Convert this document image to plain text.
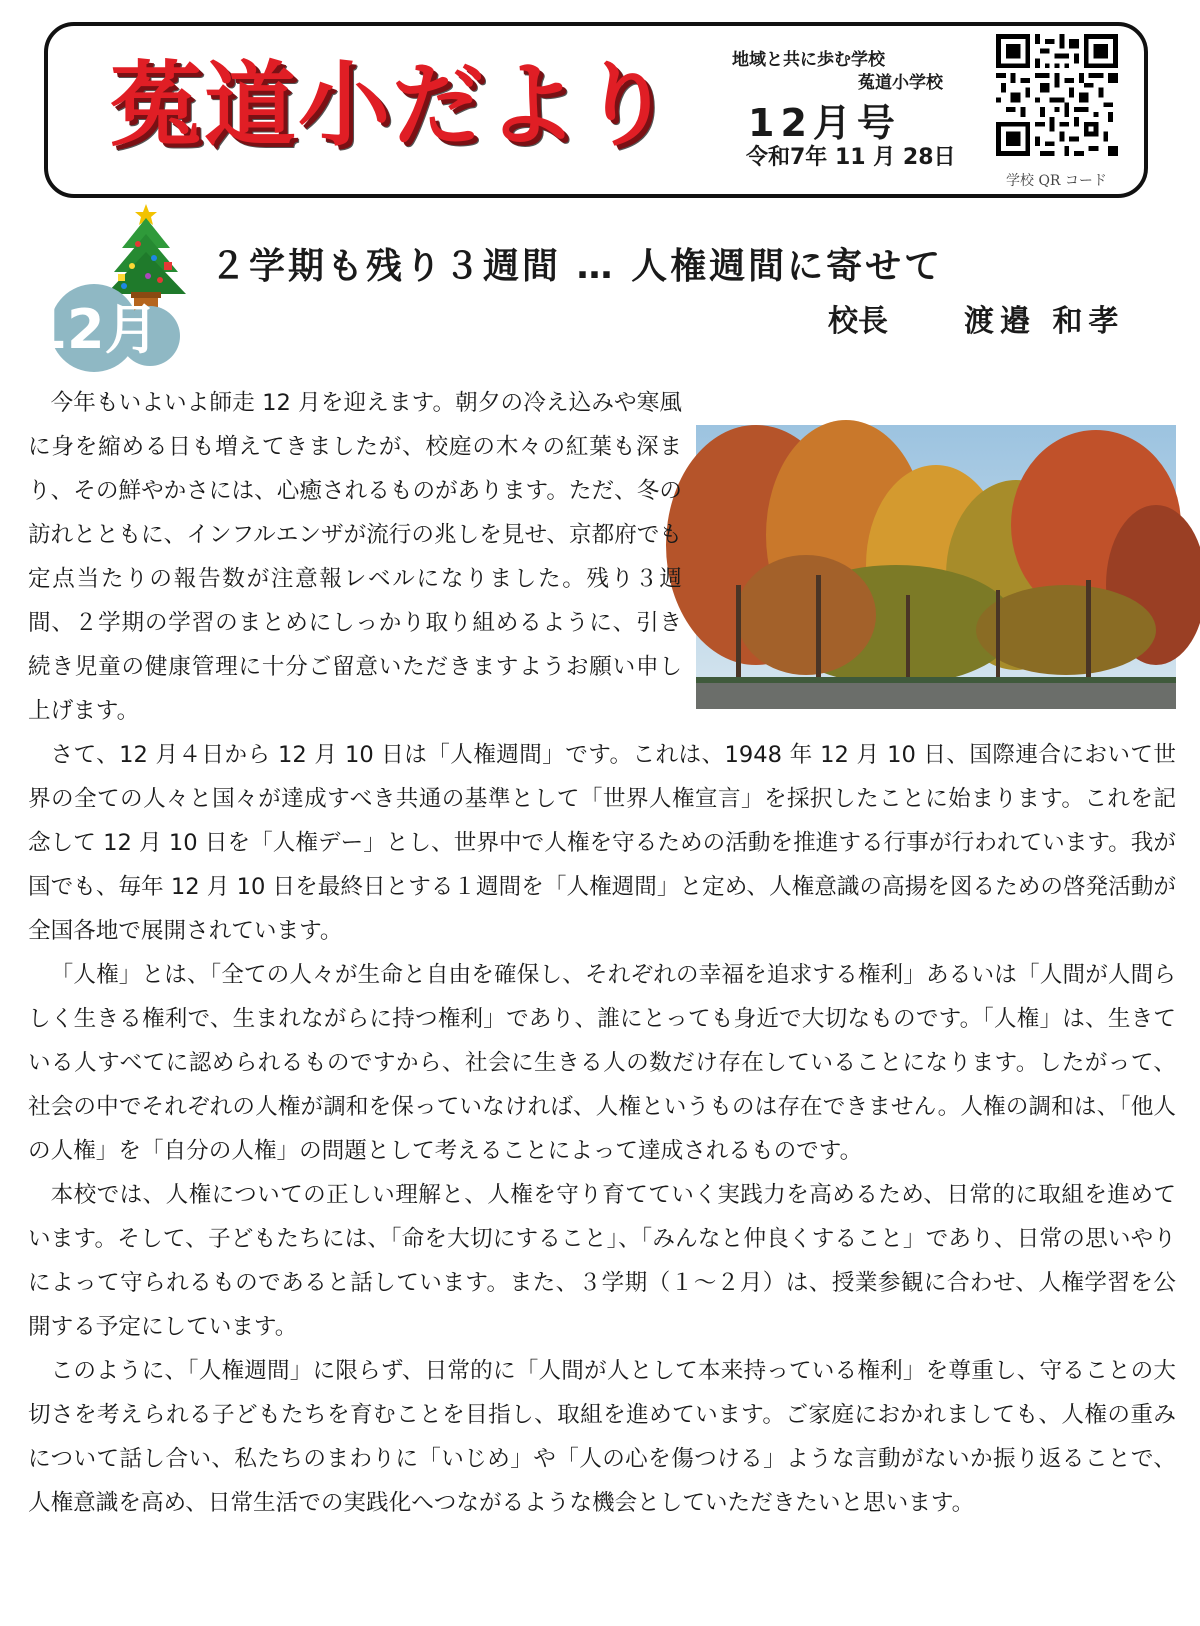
菟道小だより	地域と共に歩む学校
菟道小学校
12月号
令和7年 11 月 28日
学校 QR コード
12月
２学期も残り３週間 … 人権週間に寄せて
校長	渡邉 和孝

今年もいよいよ師走 12 月を迎えます。朝夕の冷え込みや寒風に身を縮める日も増えてきましたが、校庭の木々の紅葉も深まり、その鮮やかさには、心癒されるものがあります。ただ、冬の訪れとともに、インフルエンザが流行の兆しを見せ、京都府でも定点当たりの報告数が注意報レベルになりました。残り３週間、２学期の学習のまとめにしっかり取り組めるように、引き続き児童の健康管理に十分ご留意いただきますようお願い申し上げます。

さて、12 月４日から 12 月 10 日は「人権週間」です。これは、1948 年 12 月 10 日、国際連合において世界の全ての人々と国々が達成すべき共通の基準として「世界人権宣言」を採択したことに始まります。これを記念して 12 月 10 日を「人権デー」とし、世界中で人権を守るための活動を推進する行事が行われています。我が国でも、毎年 12 月 10 日を最終日とする１週間を「人権週間」と定め、人権意識の高揚を図るための啓発活動が全国各地で展開されています。

「人権」とは、「全ての人々が生命と自由を確保し、それぞれの幸福を追求する権利」あるいは「人間が人間らしく生きる権利で、生まれながらに持つ権利」であり、誰にとっても身近で大切なものです。「人権」は、生きている人すべてに認められるものですから、社会に生きる人の数だけ存在していることになります。したがって、社会の中でそれぞれの人権が調和を保っていなければ、人権というものは存在できません。人権の調和は、「他人の人権」を「自分の人権」の問題として考えることによって達成されるものです。

本校では、人権についての正しい理解と、人権を守り育てていく実践力を高めるため、日常的に取組を進めています。そして、子どもたちには、「命を大切にすること」、「みんなと仲良くすること」であり、日常の思いやりによって守られるものであると話しています。また、３学期（１～２月）は、授業参観に合わせ、人権学習を公開する予定にしています。

このように、「人権週間」に限らず、日常的に「人間が人として本来持っている権利」を尊重し、守ることの大切さを考えられる子どもたちを育むことを目指し、取組を進めています。ご家庭におかれましても、人権の重みについて話し合い、私たちのまわりに「いじめ」や「人の心を傷つける」ような言動がないか振り返ることで、人権意識を高め、日常生活での実践化へつながるような機会としていただきたいと思います。
